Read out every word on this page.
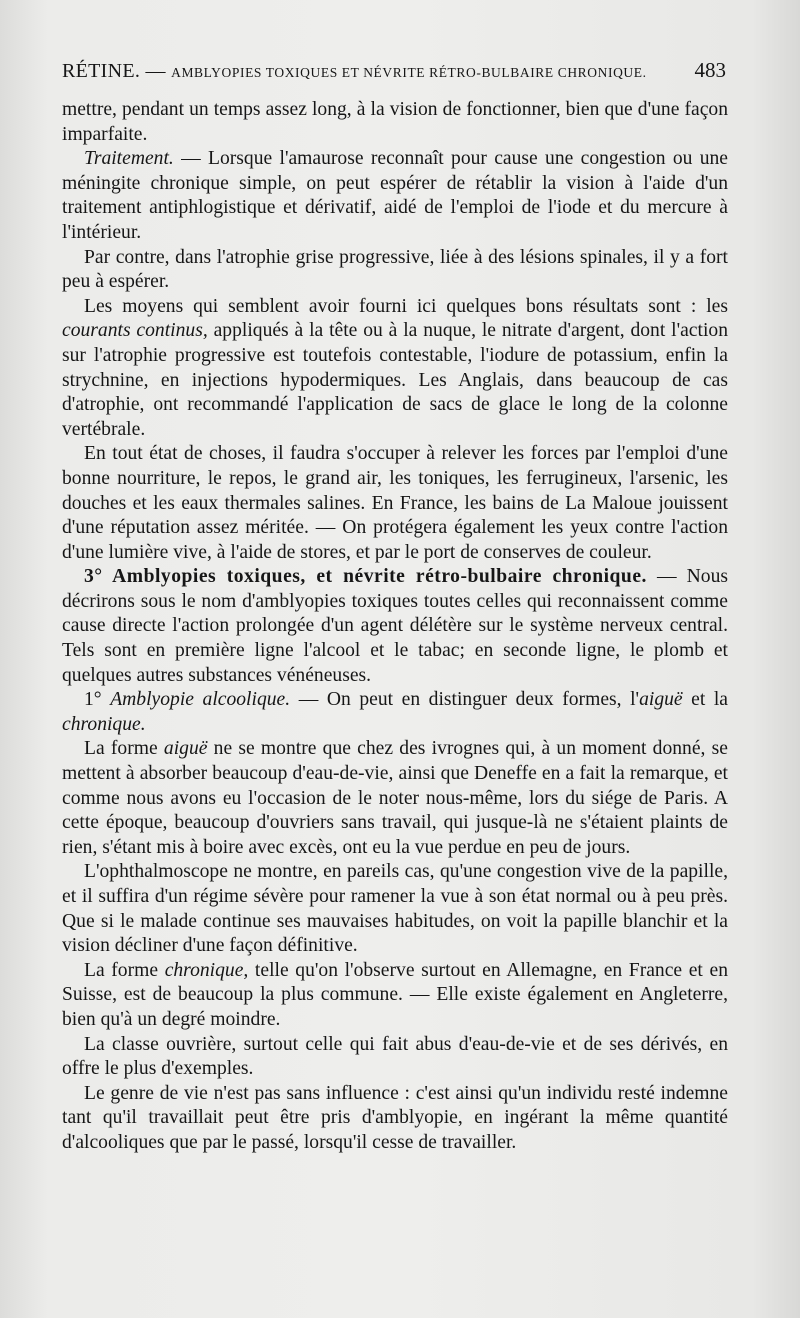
RÉTINE. — AMBLYOPIES TOXIQUES ET NÉVRITE RÉTRO-BULBAIRE CHRONIQUE. 483

mettre, pendant un temps assez long, à la vision de fonctionner, bien que d'une façon imparfaite.

Traitement. — Lorsque l'amaurose reconnaît pour cause une congestion ou une méningite chronique simple, on peut espérer de rétablir la vision à l'aide d'un traitement antiphlogistique et dérivatif, aidé de l'emploi de l'iode et du mercure à l'intérieur.

Par contre, dans l'atrophie grise progressive, liée à des lésions spinales, il y a fort peu à espérer.

Les moyens qui semblent avoir fourni ici quelques bons résultats sont : les courants continus, appliqués à la tête ou à la nuque, le nitrate d'argent, dont l'action sur l'atrophie progressive est toutefois contestable, l'iodure de potassium, enfin la strychnine, en injections hypodermiques. Les Anglais, dans beaucoup de cas d'atrophie, ont recommandé l'application de sacs de glace le long de la colonne vertébrale.

En tout état de choses, il faudra s'occuper à relever les forces par l'emploi d'une bonne nourriture, le repos, le grand air, les toniques, les ferrugineux, l'arsenic, les douches et les eaux thermales salines. En France, les bains de La Maloue jouissent d'une réputation assez méritée. — On protégera également les yeux contre l'action d'une lumière vive, à l'aide de stores, et par le port de conserves de couleur.

3° Amblyopies toxiques, et névrite rétro-bulbaire chronique. — Nous décrirons sous le nom d'amblyopies toxiques toutes celles qui reconnaissent comme cause directe l'action prolongée d'un agent délétère sur le système nerveux central. Tels sont en première ligne l'alcool et le tabac; en seconde ligne, le plomb et quelques autres substances vénéneuses.

1° Amblyopie alcoolique. — On peut en distinguer deux formes, l'aiguë et la chronique.

La forme aiguë ne se montre que chez des ivrognes qui, à un moment donné, se mettent à absorber beaucoup d'eau-de-vie, ainsi que Deneffe en a fait la remarque, et comme nous avons eu l'occasion de le noter nous-même, lors du siége de Paris. A cette époque, beaucoup d'ouvriers sans travail, qui jusque-là ne s'étaient plaints de rien, s'étant mis à boire avec excès, ont eu la vue perdue en peu de jours.

L'ophthalmoscope ne montre, en pareils cas, qu'une congestion vive de la papille, et il suffira d'un régime sévère pour ramener la vue à son état normal ou à peu près. Que si le malade continue ses mauvaises habitudes, on voit la papille blanchir et la vision décliner d'une façon définitive.

La forme chronique, telle qu'on l'observe surtout en Allemagne, en France et en Suisse, est de beaucoup la plus commune. — Elle existe également en Angleterre, bien qu'à un degré moindre.

La classe ouvrière, surtout celle qui fait abus d'eau-de-vie et de ses dérivés, en offre le plus d'exemples.

Le genre de vie n'est pas sans influence : c'est ainsi qu'un individu resté indemne tant qu'il travaillait peut être pris d'amblyopie, en ingérant la même quantité d'alcooliques que par le passé, lorsqu'il cesse de travailler.
